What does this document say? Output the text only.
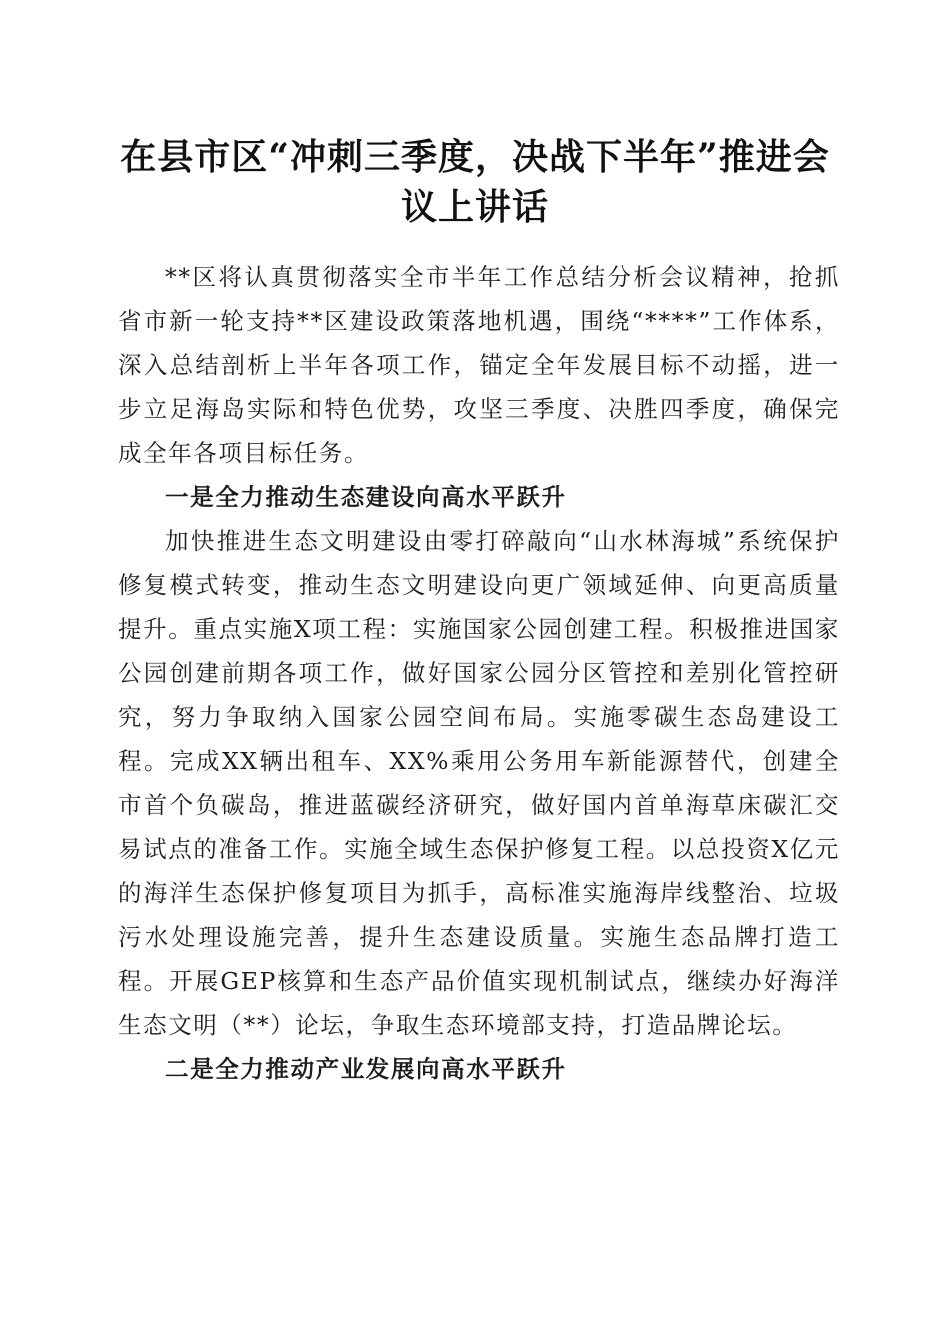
在县市区“冲刺三季度，决战下半年”推进会
议上讲话

**区将认真贯彻落实全市半年工作总结分析会议精神，抢抓省市新一轮支持**区建设政策落地机遇，围绕“****”工作体系，深入总结剖析上半年各项工作，锚定全年发展目标不动摇，进一步立足海岛实际和特色优势，攻坚三季度、决胜四季度，确保完成全年各项目标任务。

一是全力推动生态建设向高水平跃升

加快推进生态文明建设由零打碎敲向“山水林海城”系统保护修复模式转变，推动生态文明建设向更广领域延伸、向更高质量提升。重点实施X项工程：实施国家公园创建工程。积极推进国家公园创建前期各项工作，做好国家公园分区管控和差别化管控研究，努力争取纳入国家公园空间布局。实施零碳生态岛建设工程。完成XX辆出租车、XX%乘用公务用车新能源替代，创建全市首个负碳岛，推进蓝碳经济研究，做好国内首单海草床碳汇交易试点的准备工作。实施全域生态保护修复工程。以总投资X亿元的海洋生态保护修复项目为抓手，高标准实施海岸线整治、垃圾污水处理设施完善，提升生态建设质量。实施生态品牌打造工程。开展GEP核算和生态产品价值实现机制试点，继续办好海洋生态文明（**）论坛，争取生态环境部支持，打造品牌论坛。

二是全力推动产业发展向高水平跃升
